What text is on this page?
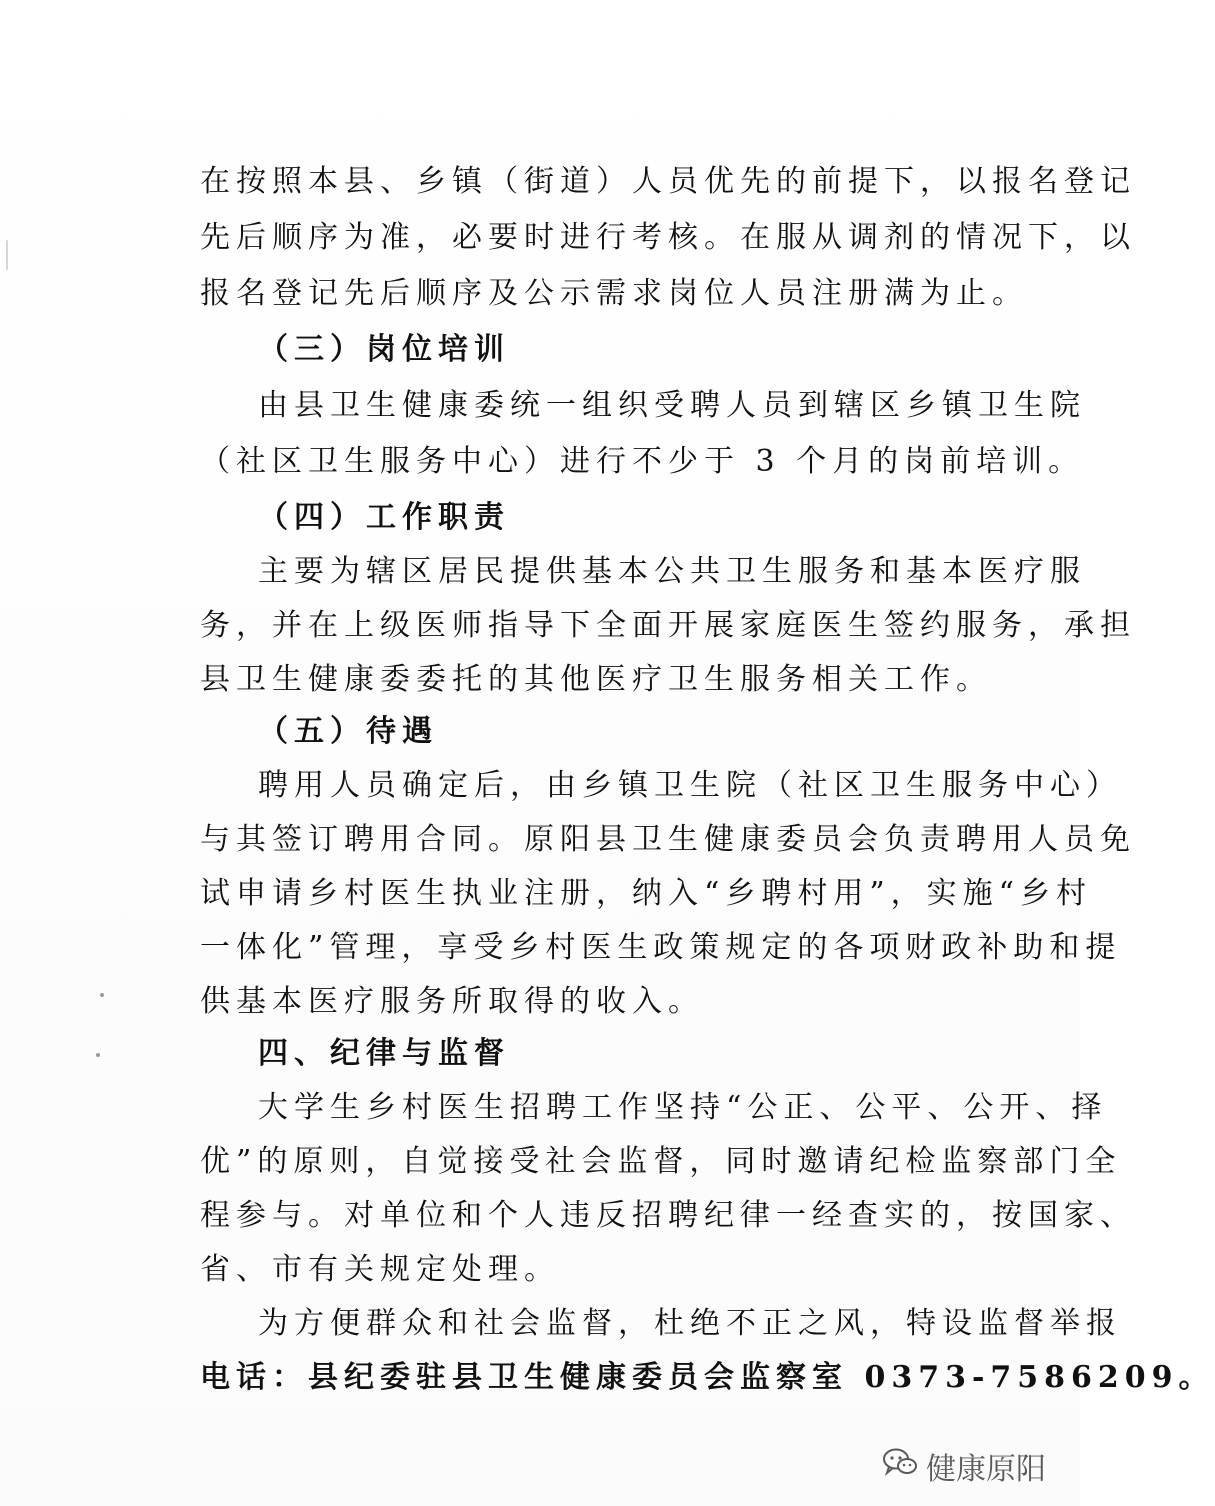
在按照本县、乡镇（街道）人员优先的前提下，以报名登记
先后顺序为准，必要时进行考核。在服从调剂的情况下，以
报名登记先后顺序及公示需求岗位人员注册满为止。
（三）岗位培训
由县卫生健康委统一组织受聘人员到辖区乡镇卫生院
（社区卫生服务中心）进行不少于 3 个月的岗前培训。
（四）工作职责
主要为辖区居民提供基本公共卫生服务和基本医疗服
务，并在上级医师指导下全面开展家庭医生签约服务，承担
县卫生健康委委托的其他医疗卫生服务相关工作。
（五）待遇
聘用人员确定后，由乡镇卫生院（社区卫生服务中心）
与其签订聘用合同。原阳县卫生健康委员会负责聘用人员免
试申请乡村医生执业注册，纳入“乡聘村用”，实施“乡村
一体化”管理，享受乡村医生政策规定的各项财政补助和提
供基本医疗服务所取得的收入。
四、纪律与监督
大学生乡村医生招聘工作坚持“公正、公平、公开、择
优”的原则，自觉接受社会监督，同时邀请纪检监察部门全
程参与。对单位和个人违反招聘纪律一经查实的，按国家、
省、市有关规定处理。
为方便群众和社会监督，杜绝不正之风，特设监督举报
电话：县纪委驻县卫生健康委员会监察室 0373-7586209。
健康原阳
